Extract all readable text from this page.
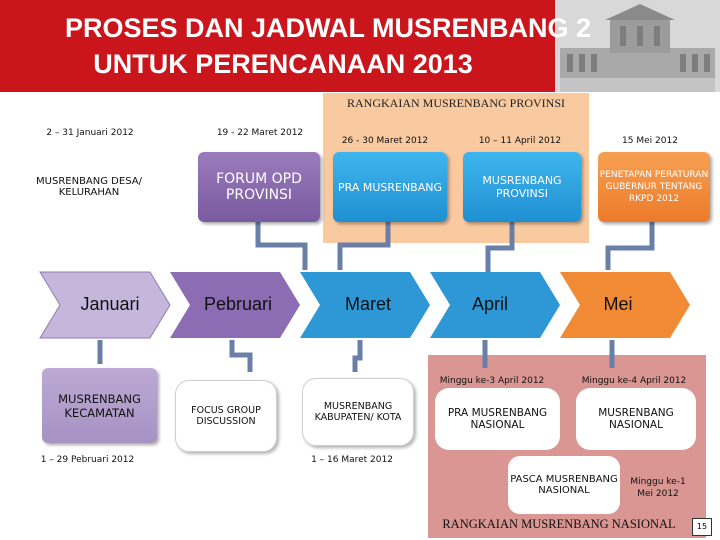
PROSES DAN JADWAL MUSRENBANG 2
UNTUK PERENCANAAN 2013
RANGKAIAN MUSRENBANG PROVINSI
2 – 31 Januari 2012	19 - 22 Maret 2012
26 - 30 Maret 2012	10 – 11 April 2012	15 Mei 2012
MUSRENBANG DESA/ KELURAHAN
FORUM OPD PROVINSI	PRA MUSRENBANG	MUSRENBANG PROVINSI
PENETAPAN PERATURAN GUBERNUR TENTANG RKPD 2012
Januari	Pebruari	Maret	April	Mei
Minggu ke-3 April 2012	Minggu ke-4 April 2012
MUSRENBANG KECAMATAN	FOCUS GROUP DISCUSSION
MUSRENBANG KABUPATEN/ KOTA	PRA MUSRENBANG NASIONAL
MUSRENBANG NASIONAL
PASCA MUSRENBANG NASIONAL
1 – 29 Pebruari 2012	1 – 16 Maret 2012
Minggu ke-1 Mei 2012
RANGKAIAN MUSRENBANG NASIONAL	15
